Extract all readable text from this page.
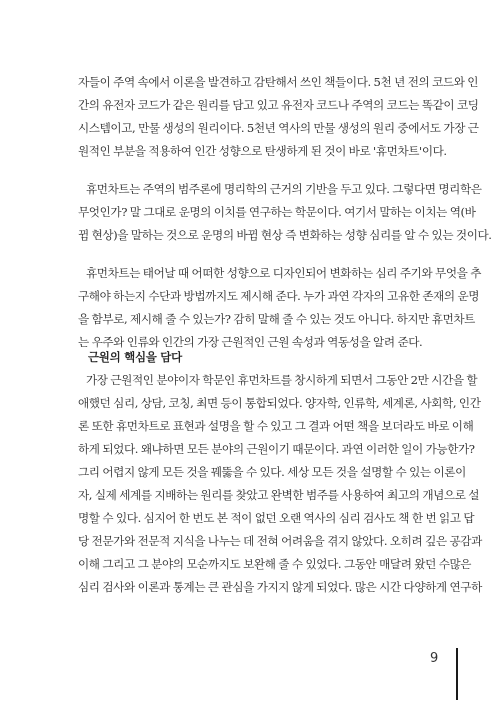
자들이 주역 속에서 이론을 발견하고 감탄해서 쓰인 책들이다. 5천 년 전의 코드와 인
간의 유전자 코드가 같은 원리를 담고 있고 유전자 코드나 주역의 코드는 똑같이 코딩
시스템이고, 만물 생성의 원리이다. 5천년 역사의 만물 생성의 원리 중에서도 가장 근
원적인 부분을 적용하여 인간 성향으로 탄생하게 된 것이 바로 '휴먼차트'이다.
휴먼차트는 주역의 범주론에 명리학의 근거의 기반을 두고 있다. 그렇다면 명리학은
무엇인가? 말 그대로 운명의 이치를 연구하는 학문이다. 여기서 말하는 이치는 역(바
뀜 현상)을 말하는 것으로 운명의 바뀜 현상 즉 변화하는 성향 심리를 알 수 있는 것이다.
휴먼차트는 태어날 때 어떠한 성향으로 디자인되어 변화하는 심리 주기와 무엇을 추
구해야 하는지 수단과 방법까지도 제시해 준다. 누가 과연 각자의 고유한 존재의 운명
을 함부로, 제시해 줄 수 있는가? 감히 말해 줄 수 있는 것도 아니다. 하지만 휴먼차트
는 우주와 인류와 인간의 가장 근원적인 근원 속성과 역동성을 알려 준다.
근원의 핵심을 담다
가장 근원적인 분야이자 학문인 휴먼차트를 창시하게 되면서 그동안 2만 시간을 할
애했던 심리, 상담, 코칭, 최면 등이 통합되었다. 양자학, 인류학, 세계론, 사회학, 인간
론 또한 휴먼차트로 표현과 설명을 할 수 있고 그 결과 어떤 책을 보더라도 바로 이해
하게 되었다. 왜냐하면 모든 분야의 근원이기 때문이다. 과연 이러한 일이 가능한가?
그리 어렵지 않게 모든 것을 꿰뚫을 수 있다. 세상 모든 것을 설명할 수 있는 이론이
자, 실제 세계를 지배하는 원리를 찾았고 완벽한 범주를 사용하여 최고의 개념으로 설
명할 수 있다. 심지어 한 번도 본 적이 없던 오랜 역사의 심리 검사도 책 한 번 읽고 답
당 전문가와 전문적 지식을 나누는 데 전혀 어려움을 겪지 않았다. 오히려 깊은 공감과
이해 그리고 그 분야의 모순까지도 보완해 줄 수 있었다. 그동안 매달려 왔던 수많은
심리 검사와 이론과 통계는 큰 관심을 가지지 않게 되었다. 많은 시간 다양하게 연구하
9
